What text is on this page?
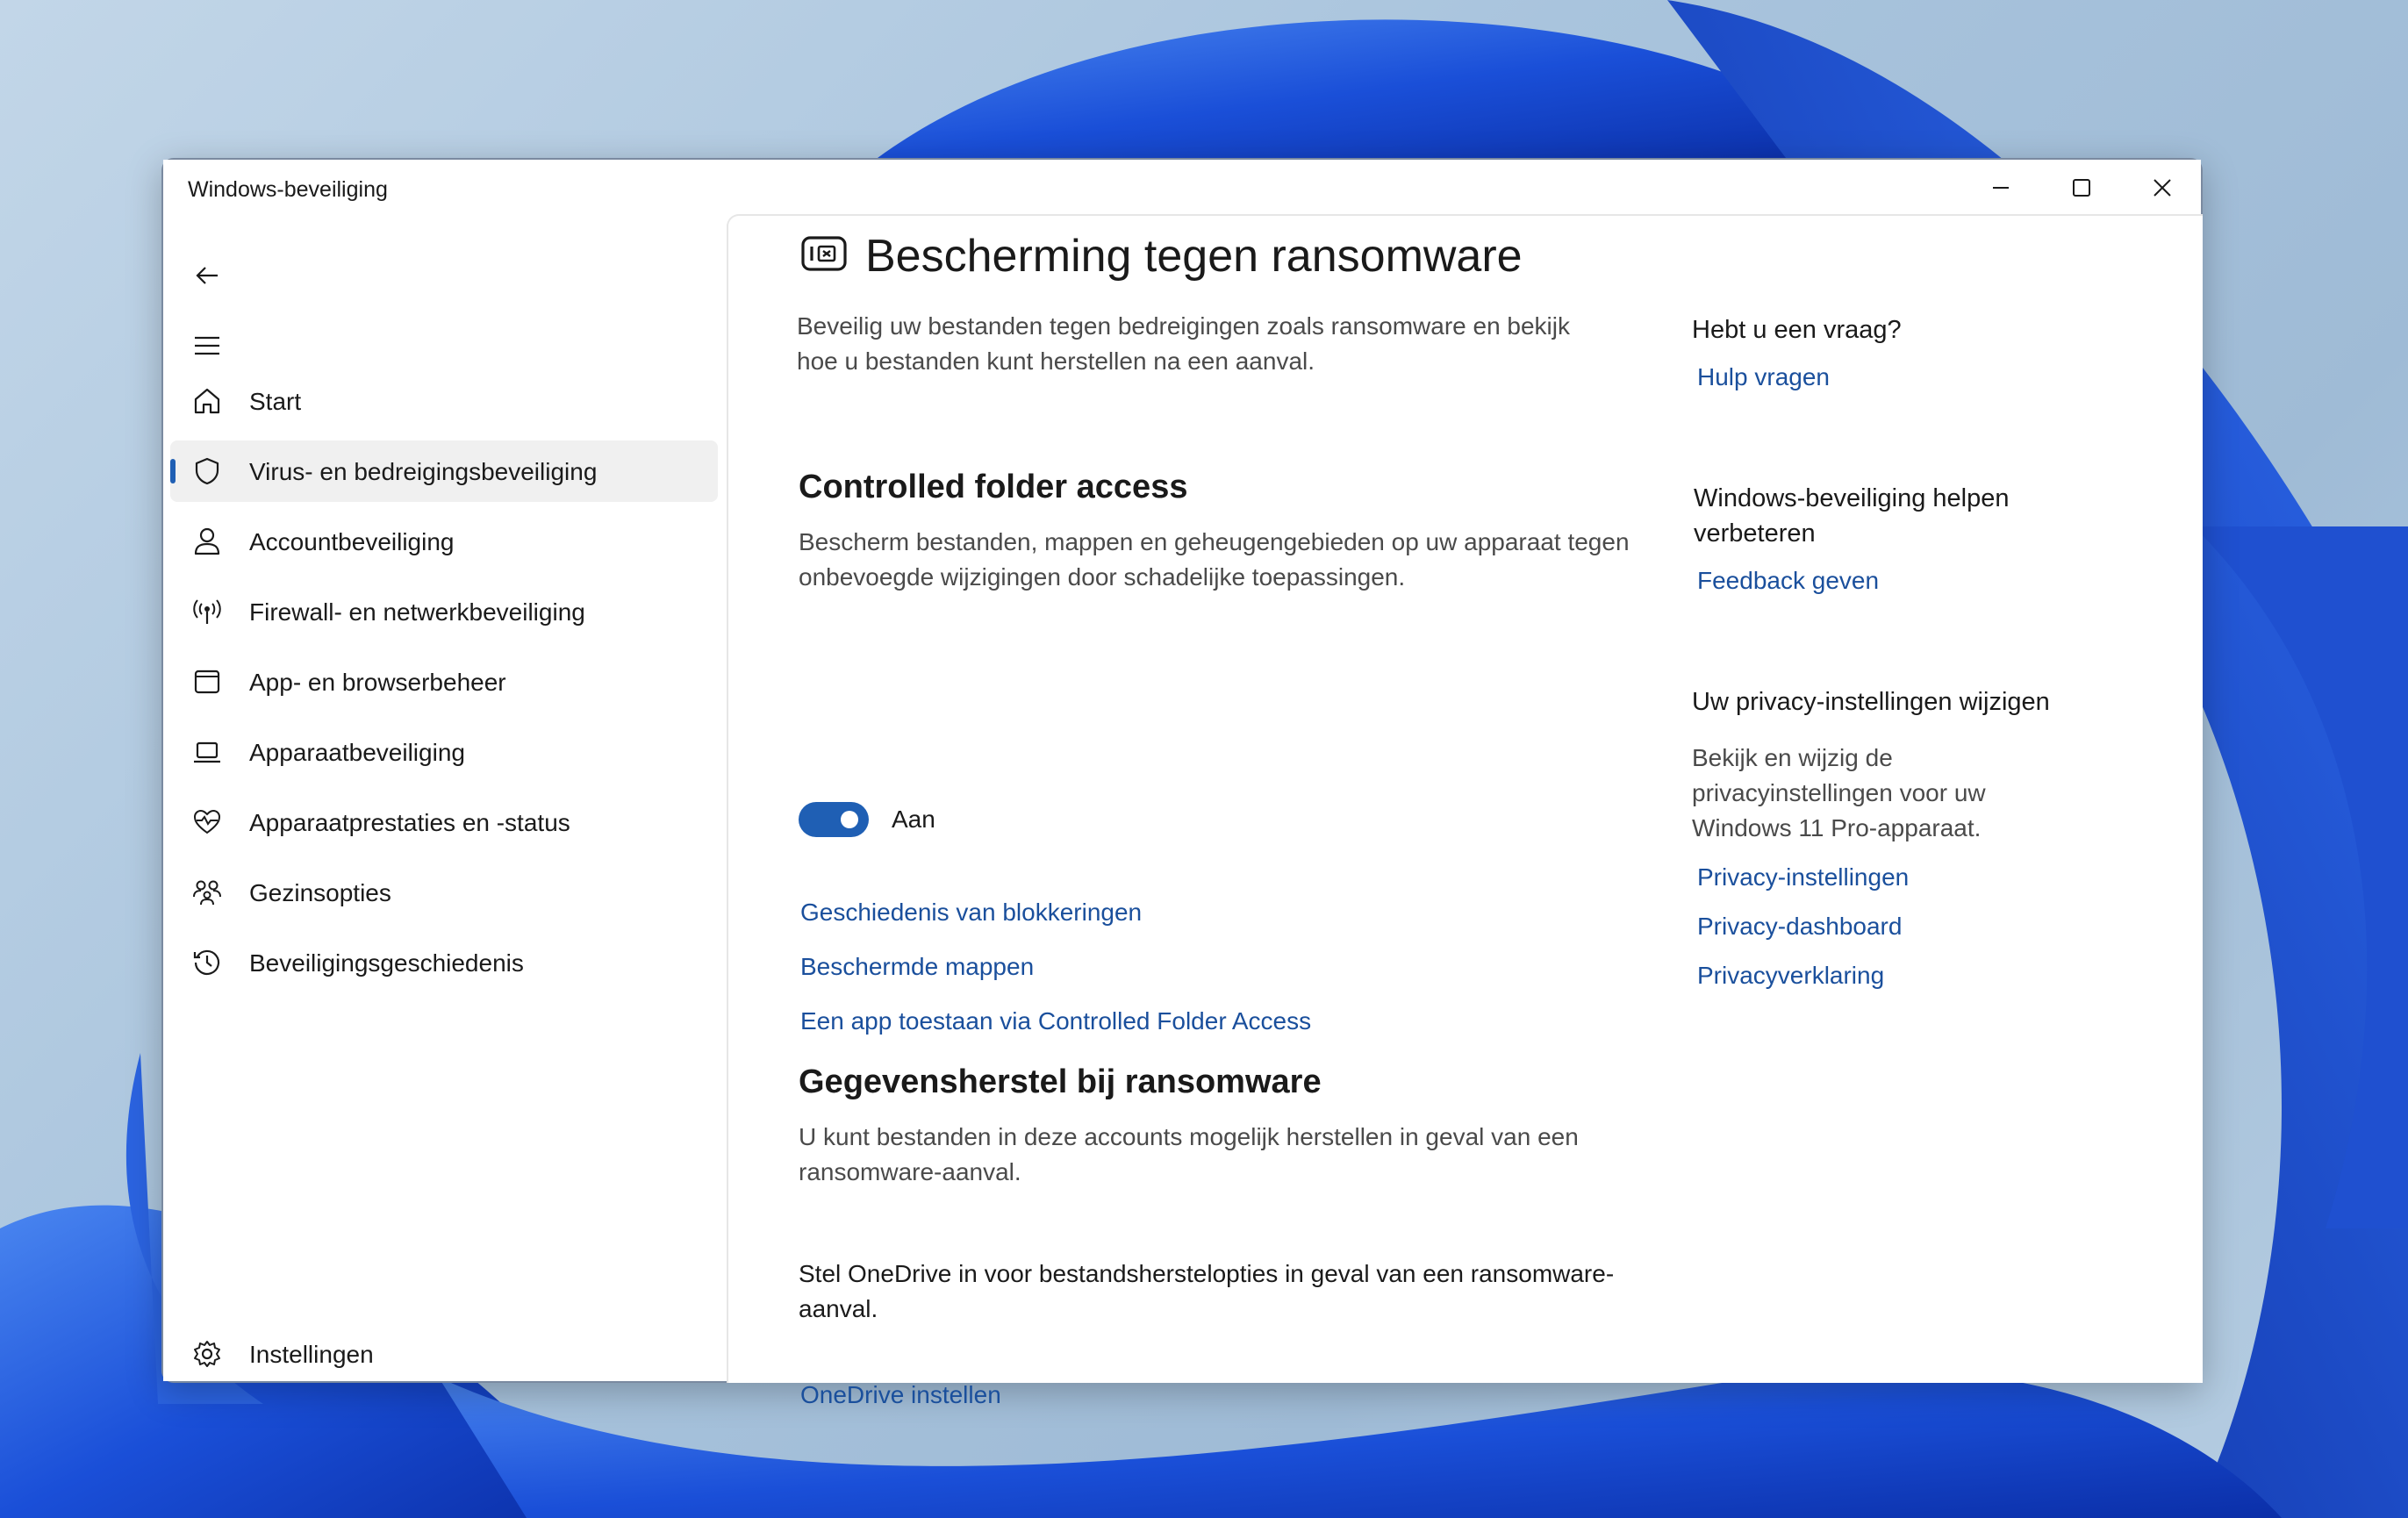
Windows-beveiliging
Start
Virus- en bedreigingsbeveiliging
Accountbeveiliging
Firewall- en netwerkbeveiliging
App- en browserbeheer
Apparaatbeveiliging
Apparaatprestaties en -status
Gezinsopties
Beveiligingsgeschiedenis
Instellingen
Bescherming tegen ransomware
Beveilig uw bestanden tegen bedreigingen zoals ransomware en bekijk hoe u bestanden kunt herstellen na een aanval.
Controlled folder access
Bescherm bestanden, mappen en geheugengebieden op uw apparaat tegen onbevoegde wijzigingen door schadelijke toepassingen.
Aan
Geschiedenis van blokkeringen
Beschermde mappen
Een app toestaan via Controlled Folder Access
Gegevensherstel bij ransomware
U kunt bestanden in deze accounts mogelijk herstellen in geval van een ransomware-aanval.
Stel OneDrive in voor bestandsherstelopties in geval van een ransomware-aanval.
OneDrive instellen
Hebt u een vraag?
Hulp vragen
Windows-beveiliging helpen verbeteren
Feedback geven
Uw privacy-instellingen wijzigen
Bekijk en wijzig de privacyinstellingen voor uw Windows 11 Pro-apparaat.
Privacy-instellingen
Privacy-dashboard
Privacyverklaring
